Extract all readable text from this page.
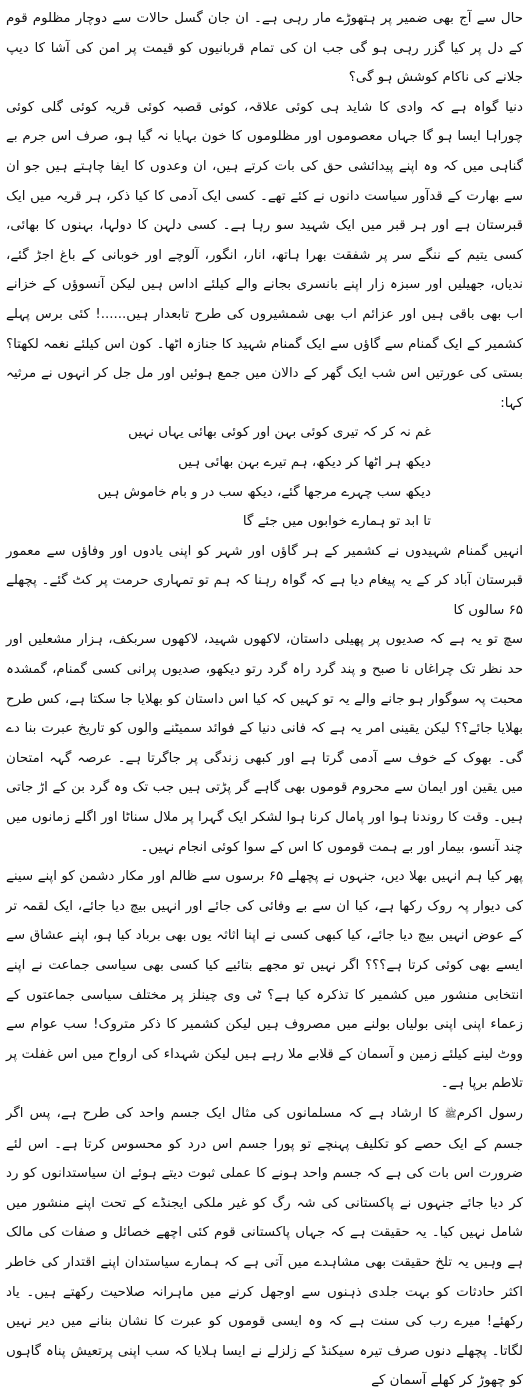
حال سے آج بھی ضمیر پر ہتھوڑے مار رہی ہے۔ ان جان گسل حالات سے دوچار مظلوم قوم کے دل پر کیا گزر رہی ہو گی جب ان کی تمام قربانیوں کو قیمت پر امن کی آشا کا دیپ جلانے کی ناکام کوشش ہو گی؟

دنیا گواہ ہے کہ وادی کا شاید ہی کوئی علاقہ، کوئی قصبہ کوئی قریہ کوئی گلی کوئی چوراہا ایسا ہو گا جہاں معصوموں اور مظلوموں کا خون بہایا نہ گیا ہو، صرف اس جرم بے گناہی میں کہ وہ اپنے پیدائشی حق کی بات کرتے ہیں، ان وعدوں کا ایفا چاہتے ہیں جو ان سے بھارت کے قدآور سیاست دانوں نے کئے تھے۔ کسی ایک آدمی کا کیا ذکر، ہر قریہ میں ایک قبرستان ہے اور ہر قبر میں ایک شہید سو رہا ہے۔ کسی دلہن کا دولہا، بہنوں کا بھائی، کسی یتیم کے ننگے سر پر شفقت بھرا ہاتھ، انار، انگور، آلوچے اور خوبانی کے باغ اجڑ گئے، ندیاں، جھیلیں اور سبزہ زار اپنے بانسری بجانے والے کیلئے اداس ہیں لیکن آنسوؤں کے خزانے اب بھی باقی ہیں اور عزائم اب بھی شمشیروں کی طرح تابعدار ہیں......! کئی برس پہلے کشمیر کے ایک گمنام سے گاؤں سے ایک گمنام شہید کا جنازہ اٹھا۔ کون اس کیلئے نغمہ لکھتا؟ بستی کی عورتیں اس شب ایک گھر کے دالان میں جمع ہوئیں اور مل جل کر انہوں نے مرثیہ کہا:

غم نہ کر کہ تیری کوئی بہن اور کوئی بھائی یہاں نہیں
دیکھ ہر اٹھا کر دیکھ، ہم تیرے بہن بھائی ہیں
دیکھ سب چہرے مرجھا گئے، دیکھ سب در و بام خاموش ہیں
تا ابد تو ہمارے خوابوں میں جئے گا

انہیں گمنام شہیدوں نے کشمیر کے ہر گاؤں اور شہر کو اپنی یادوں اور وفاؤں سے معمور قبرستان آباد کر کے یہ پیغام دیا ہے کہ گواہ رہنا کہ ہم تو تمہاری حرمت پر کٹ گئے۔ پچھلے ۶۵ سالوں کا

سچ تو یہ ہے کہ صدیوں پر پھیلی داستان، لاکھوں شہید، لاکھوں سربکف، ہزار مشعلیں اور حد نظر تک چراغاں نا صبح و پند گرد راہ گرد رتو دیکھو، صدیوں پرانی کسی گمنام، گمشدہ محبت پہ سوگوار ہو جانے والے یہ تو کہیں کہ کیا اس داستان کو بھلایا جا سکتا ہے، کس طرح بھلایا جائے؟؟ لیکن یقینی امر یہ ہے کہ فانی دنیا کے فوائد سمیٹنے والوں کو تاریخ عبرت بنا دے گی۔ بھوک کے خوف سے آدمی گرتا ہے اور کبھی زندگی پر جاگرتا ہے۔ عرصہ گہہ امتحان میں یقین اور ایمان سے محروم قوموں بھی گاہے گر پڑتی ہیں جب تک وہ گرد بن کے اڑ جاتی ہیں۔ وقت کا روندنا ہوا اور پامال کرنا ہوا لشکر ایک گہرا پر ملال سناٹا اور اگلے زمانوں میں چند آنسو، بیمار اور بے ہمت قوموں کا اس کے سوا کوئی انجام نہیں۔

پھر کیا ہم انہیں بھلا دیں، جنہوں نے پچھلے ۶۵ برسوں سے ظالم اور مکار دشمن کو اپنے سینے کی دیوار پہ روک رکھا ہے، کیا ان سے بے وفائی کی جائے اور انہیں بیچ دیا جائے، ایک لقمہ تر کے عوض انہیں بیچ دیا جائے، کیا کبھی کسی نے اپنا اثاثہ یوں بھی برباد کیا ہو، اپنے عشاق سے ایسے بھی کوئی کرتا ہے؟؟؟ اگر نہیں تو مجھے بتائیے کیا کسی بھی سیاسی جماعت نے اپنے انتخابی منشور میں کشمیر کا تذکرہ کیا ہے؟ ٹی وی چینلز پر مختلف سیاسی جماعتوں کے زعماء اپنی اپنی بولیاں بولنے میں مصروف ہیں لیکن کشمیر کا ذکر متروک! سب عوام سے ووٹ لینے کیلئے زمین و آسمان کے قلابے ملا رہے ہیں لیکن شہداء کی ارواح میں اس غفلت پر تلاطم برپا ہے۔

رسول اکرمﷺ کا ارشاد ہے کہ مسلمانوں کی مثال ایک جسم واحد کی طرح ہے، پس اگر جسم کے ایک حصے کو تکلیف پہنچے تو پورا جسم اس درد کو محسوس کرتا ہے۔ اس لئے ضرورت اس بات کی ہے کہ جسم واحد ہونے کا عملی ثبوت دیتے ہوئے ان سیاستدانوں کو رد کر دیا جائے جنہوں نے پاکستانی کی شہ رگ کو غیر ملکی ایجنڈے کے تحت اپنے منشور میں شامل نہیں کیا۔ یہ حقیقت ہے کہ جہاں پاکستانی قوم کئی اچھے خصائل و صفات کی مالک ہے وہیں یہ تلخ حقیقت بھی مشاہدے میں آتی ہے کہ ہمارے سیاستدان اپنے اقتدار کی خاطر اکثر حادثات کو بہت جلدی ذہنوں سے اوجھل کرنے میں ماہرانہ صلاحیت رکھتے ہیں۔ یاد رکھئے! میرے رب کی سنت ہے کہ وہ ایسی قوموں کو عبرت کا نشان بنانے میں دیر نہیں لگاتا۔ پچھلے دنوں صرف تیرہ سیکنڈ کے زلزلے نے ایسا ہلایا کہ سب اپنی پرتعیش پناہ گاہوں کو چھوڑ کر کھلے آسمان کے
